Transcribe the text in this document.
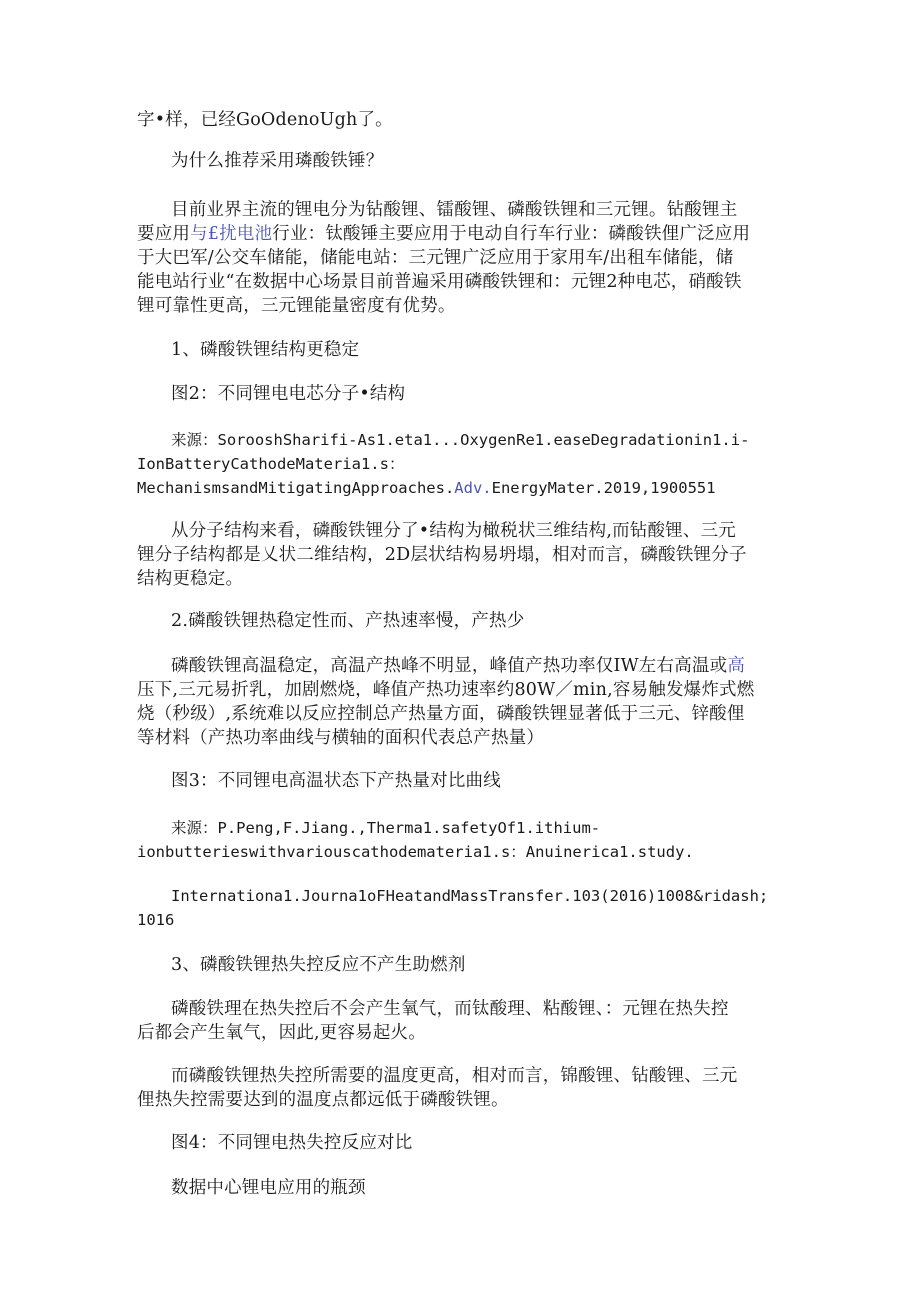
字•样，已经GoOdenoUgh了。
为什么推荐采用璘酸铁锤？
目前业界主流的锂电分为钻酸锂、镭酸锂、磷酸铁锂和三元锂。钻酸锂主
要应用与£扰电池行业：钛酸锤主要应用于电动自行车行业：磷酸铁俚广泛应用
于大巴军/公交车储能，储能电站：三元锂广泛应用于家用车/出租车储能，储
能电站行业“在数据中心场景目前普遍采用磷酸铁锂和：元锂2种电芯，硝酸铁
锂可靠性更高，三元锂能量密度有优势。
1、磷酸铁锂结构更稳定
图2：不同锂电电芯分子•结构
来源：SorooshSharifi-As1.eta1...OxygenRe1.easeDegradationin1.i-
IonBatteryCathodeMateria1.s：
MechanismsandMitigatingApproaches.Adv.EnergyMater.2019,1900551
从分子结构来看，磷酸铁锂分了•结构为橄税状三维结构,而钻酸锂、三元
锂分子结构都是乂状二维结构，2D层状结构易坍塌，相对而言，磷酸铁锂分子
结构更稳定。
2.磷酸铁锂热稳定性而、产热速率慢，产热少
磷酸铁锂高温稳定，高温产热峰不明显，峰值产热功率仅IW左右高温或高
压下,三元易折乳，加剧燃烧，峰值产热功速率约80W／min,容易触发爆炸式燃
烧（秒级）,系统难以反应控制总产热量方面，磷酸铁锂显著低于三元、锌酸俚
等材料（产热功率曲线与横轴的面积代表总产热量）
图3：不同锂电高温状态下产热量对比曲线
来源：P.Peng,F.Jiang.,Therma1.safetyOf1.ithium-
ionbutterieswithvariouscathodemateria1.s：Anuinerica1.study.
Internationa1.Journa1oFHeatandMassTransfer.103(2016)1008&ridash;
1016
3、磷酸铁锂热失控反应不产生助燃剂
磷酸铁理在热失控后不会产生氧气，而钛酸理、粘酸锂、：元锂在热失控
后都会产生氧气，因此,更容易起火。
而磷酸铁锂热失控所需要的温度更高，相对而言，锦酸锂、钻酸锂、三元
俚热失控需要达到的温度点都远低于磷酸铁锂。
图4：不同锂电热失控反应对比
数据中心锂电应用的瓶颈
